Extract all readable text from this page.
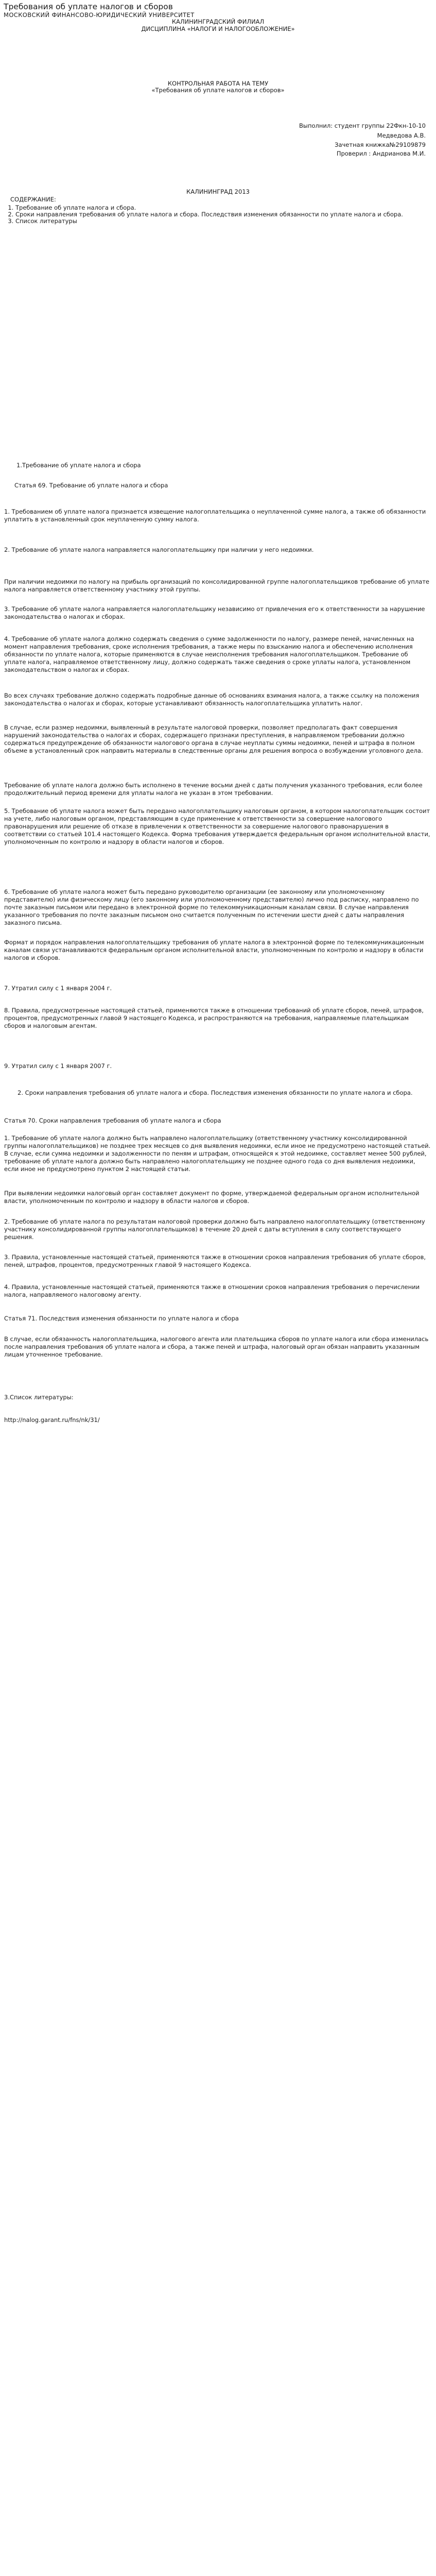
Требования об уплате налогов и сборов
МОСКОВСКИЙ ФИНАНСОВО-ЮРИДИЧЕСКИЙ УНИВЕРСИТЕТ
КАЛИНИНГРАДСКИЙ ФИЛИАЛ
ДИСЦИПЛИНА «НАЛОГИ И НАЛОГООБЛОЖЕНИЕ»
КОНТРОЛЬНАЯ РАБОТА НА ТЕМУ
«Требования об уплате налогов и сборов»
Выполнил: студент группы 22Фкн-10-10
Медведова А.В.
Зачетная книжка№29109879
Проверил : Андрианова М.И.
КАЛИНИНГРАД 2013
СОДЕРЖАНИЕ:
1. Требование об уплате налога и сбора.
2. Сроки направления требования об уплате налога и сбора. Последствия изменения обязанности по уплате налога и сбора.
3. Список литературы
1.Требование об уплате налога и сбора
Статья 69. Требование об уплате налога и сбора
1. Требованием об уплате налога признается извещение налогоплательщика о неуплаченной сумме налога, а также об обязанности уплатить в установленный срок неуплаченную сумму налога.
2. Требование об уплате налога направляется налогоплательщику при наличии у него недоимки.
При наличии недоимки по налогу на прибыль организаций по консолидированной группе налогоплательщиков требование об уплате налога направляется ответственному участнику этой группы.
3. Требование об уплате налога направляется налогоплательщику независимо от привлечения его к ответственности за нарушение законодательства о налогах и сборах.
4. Требование об уплате налога должно содержать сведения о сумме задолженности по налогу, размере пеней, начисленных на момент направления требования, сроке исполнения требования, а также меры по взысканию налога и обеспечению исполнения обязанности по уплате налога, которые применяются в случае неисполнения требования налогоплательщиком. Требование об уплате налога, направляемое ответственному лицу, должно содержать также сведения о сроке уплаты налога, установленном законодательством о налогах и сборах.
Во всех случаях требование должно содержать подробные данные об основаниях взимания налога, а также ссылку на положения законодательства о налогах и сборах, которые устанавливают обязанность налогоплательщика уплатить налог.
В случае, если размер недоимки, выявленный в результате налоговой проверки, позволяет предполагать факт совершения нарушений законодательства о налогах и сборах, содержащего признаки преступления, в направляемом требовании должно содержаться предупреждение об обязанности налогового органа в случае неуплаты суммы недоимки, пеней и штрафа в полном объеме в установленный срок направить материалы в следственные органы для решения вопроса о возбуждении уголовного дела.
Требование об уплате налога должно быть исполнено в течение восьми дней с даты получения указанного требования, если более продолжительный период времени для уплаты налога не указан в этом требовании.
5. Требование об уплате налога может быть передано налогоплательщику налоговым органом, в котором налогоплательщик состоит на учете, либо налоговым органом, представляющим в суде применение к ответственности за совершение налогового правонарушения или решение об отказе в привлечении к ответственности за совершение налогового правонарушения в соответствии со статьей 101.4 настоящего Кодекса. Форма требования утверждается федеральным органом исполнительной власти, уполномоченным по контролю и надзору в области налогов и сборов.
6. Требование об уплате налога может быть передано руководителю организации (ее законному или уполномоченному представителю) или физическому лицу (его законному или уполномоченному представителю) лично под расписку, направлено по почте заказным письмом или передано в электронной форме по телекоммуникационным каналам связи. В случае направления указанного требования по почте заказным письмом оно считается полученным по истечении шести дней с даты направления заказного письма.
Формат и порядок направления налогоплательщику требования об уплате налога в электронной форме по телекоммуникационным каналам связи устанавливаются федеральным органом исполнительной власти, уполномоченным по контролю и надзору в области налогов и сборов.
7. Утратил силу с 1 января 2004 г.
8. Правила, предусмотренные настоящей статьей, применяются также в отношении требований об уплате сборов, пеней, штрафов, процентов, предусмотренных главой 9 настоящего Кодекса, и распространяются на требования, направляемые плательщикам сборов и налоговым агентам.
9. Утратил силу с 1 января 2007 г.
2. Сроки направления требования об уплате налога и сбора. Последствия изменения обязанности по уплате налога и сбора.
Статья 70. Сроки направления требования об уплате налога и сбора
1. Требование об уплате налога должно быть направлено налогоплательщику (ответственному участнику консолидированной группы налогоплательщиков) не позднее трех месяцев со дня выявления недоимки, если иное не предусмотрено настоящей статьей. В случае, если сумма недоимки и задолженности по пеням и штрафам, относящейся к этой недоимке, составляет менее 500 рублей, требование об уплате налога должно быть направлено налогоплательщику не позднее одного года со дня выявления недоимки, если иное не предусмотрено пунктом 2 настоящей статьи.
При выявлении недоимки налоговый орган составляет документ по форме, утверждаемой федеральным органом исполнительной власти, уполномоченным по контролю и надзору в области налогов и сборов.
2. Требование об уплате налога по результатам налоговой проверки должно быть направлено налогоплательщику (ответственному участнику консолидированной группы налогоплательщиков) в течение 20 дней с даты вступления в силу соответствующего решения.
3. Правила, установленные настоящей статьей, применяются также в отношении сроков направления требования об уплате сборов, пеней, штрафов, процентов, предусмотренных главой 9 настоящего Кодекса.
4. Правила, установленные настоящей статьей, применяются также в отношении сроков направления требования о перечислении налога, направляемого налоговому агенту.
Статья 71. Последствия изменения обязанности по уплате налога и сбора
В случае, если обязанность налогоплательщика, налогового агента или плательщика сборов по уплате налога или сбора изменилась после направления требования об уплате налога и сбора, а также пеней и штрафа, налоговый орган обязан направить указанным лицам уточненное требование.
3.Список литературы:
http://nalog.garant.ru/fns/nk/31/
